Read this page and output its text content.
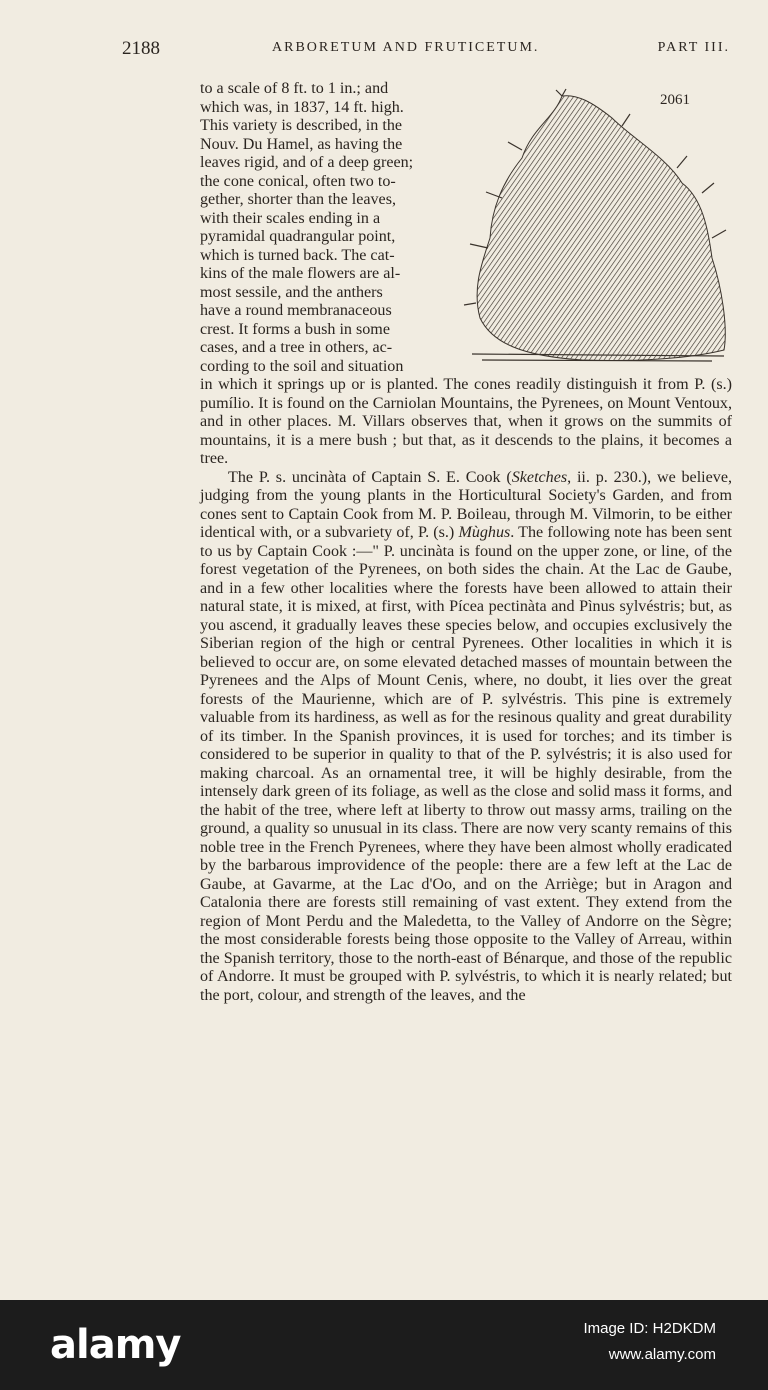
2188	ARBORETUM AND FRUTICETUM.	PART III.
2061

to a scale of 8 ft. to 1 in.; and

which was, in 1837, 14 ft. high.

This variety is described, in the

Nouv. Du Hamel, as having the

leaves rigid, and of a deep green;

the cone conical, often two to-

gether, shorter than the leaves,

with their scales ending in a

pyramidal quadrangular point,

which is turned back. The cat-

kins of the male flowers are al-

most sessile, and the anthers

have a round membranaceous

crest. It forms a bush in some

cases, and a tree in others, ac-

cording to the soil and situation

in which it springs up or is planted. The cones readily distinguish it from P. (s.) pumílio. It is found on the Carniolan Mountains, the Pyrenees, on Mount Ventoux, and in other places. M. Villars observes that, when it grows on the summits of mountains, it is a mere bush ; but that, as it descends to the plains, it becomes a tree.

The P. s. uncinàta of Captain S. E. Cook (Sketches, ii. p. 230.), we believe, judging from the young plants in the Horticultural Society's Garden, and from cones sent to Captain Cook from M. P. Boileau, through M. Vilmorin, to be either identical with, or a subvariety of, P. (s.) Mùghus. The following note has been sent to us by Captain Cook :—" P. uncinàta is found on the upper zone, or line, of the forest vegetation of the Pyrenees, on both sides the chain. At the Lac de Gaube, and in a few other localities where the forests have been allowed to attain their natural state, it is mixed, at first, with Pícea pectinàta and Pìnus sylvéstris; but, as you ascend, it gradually leaves these species below, and occupies exclusively the Siberian region of the high or central Pyrenees. Other localities in which it is believed to occur are, on some elevated detached masses of mountain between the Pyrenees and the Alps of Mount Cenis, where, no doubt, it lies over the great forests of the Maurienne, which are of P. sylvéstris. This pine is extremely valuable from its hardiness, as well as for the resinous quality and great durability of its timber. In the Spanish provinces, it is used for torches; and its timber is considered to be superior in quality to that of the P. sylvéstris; it is also used for making charcoal. As an ornamental tree, it will be highly desirable, from the intensely dark green of its foliage, as well as the close and solid mass it forms, and the habit of the tree, where left at liberty to throw out massy arms, trailing on the ground, a quality so unusual in its class. There are now very scanty remains of this noble tree in the French Pyrenees, where they have been almost wholly eradicated by the barbarous improvidence of the people: there are a few left at the Lac de Gaube, at Gavarme, at the Lac d'Oo, and on the Arriège; but in Aragon and Catalonia there are forests still remaining of vast extent. They extend from the region of Mont Perdu and the Maledetta, to the Valley of Andorre on the Sègre; the most considerable forests being those opposite to the Valley of Arreau, within the Spanish territory, those to the north-east of Bénarque, and those of the republic of Andorre. It must be grouped with P. sylvéstris, to which it is nearly related; but the port, colour, and strength of the leaves, and the

alamy	Image ID: H2DKDM
www.alamy.com
